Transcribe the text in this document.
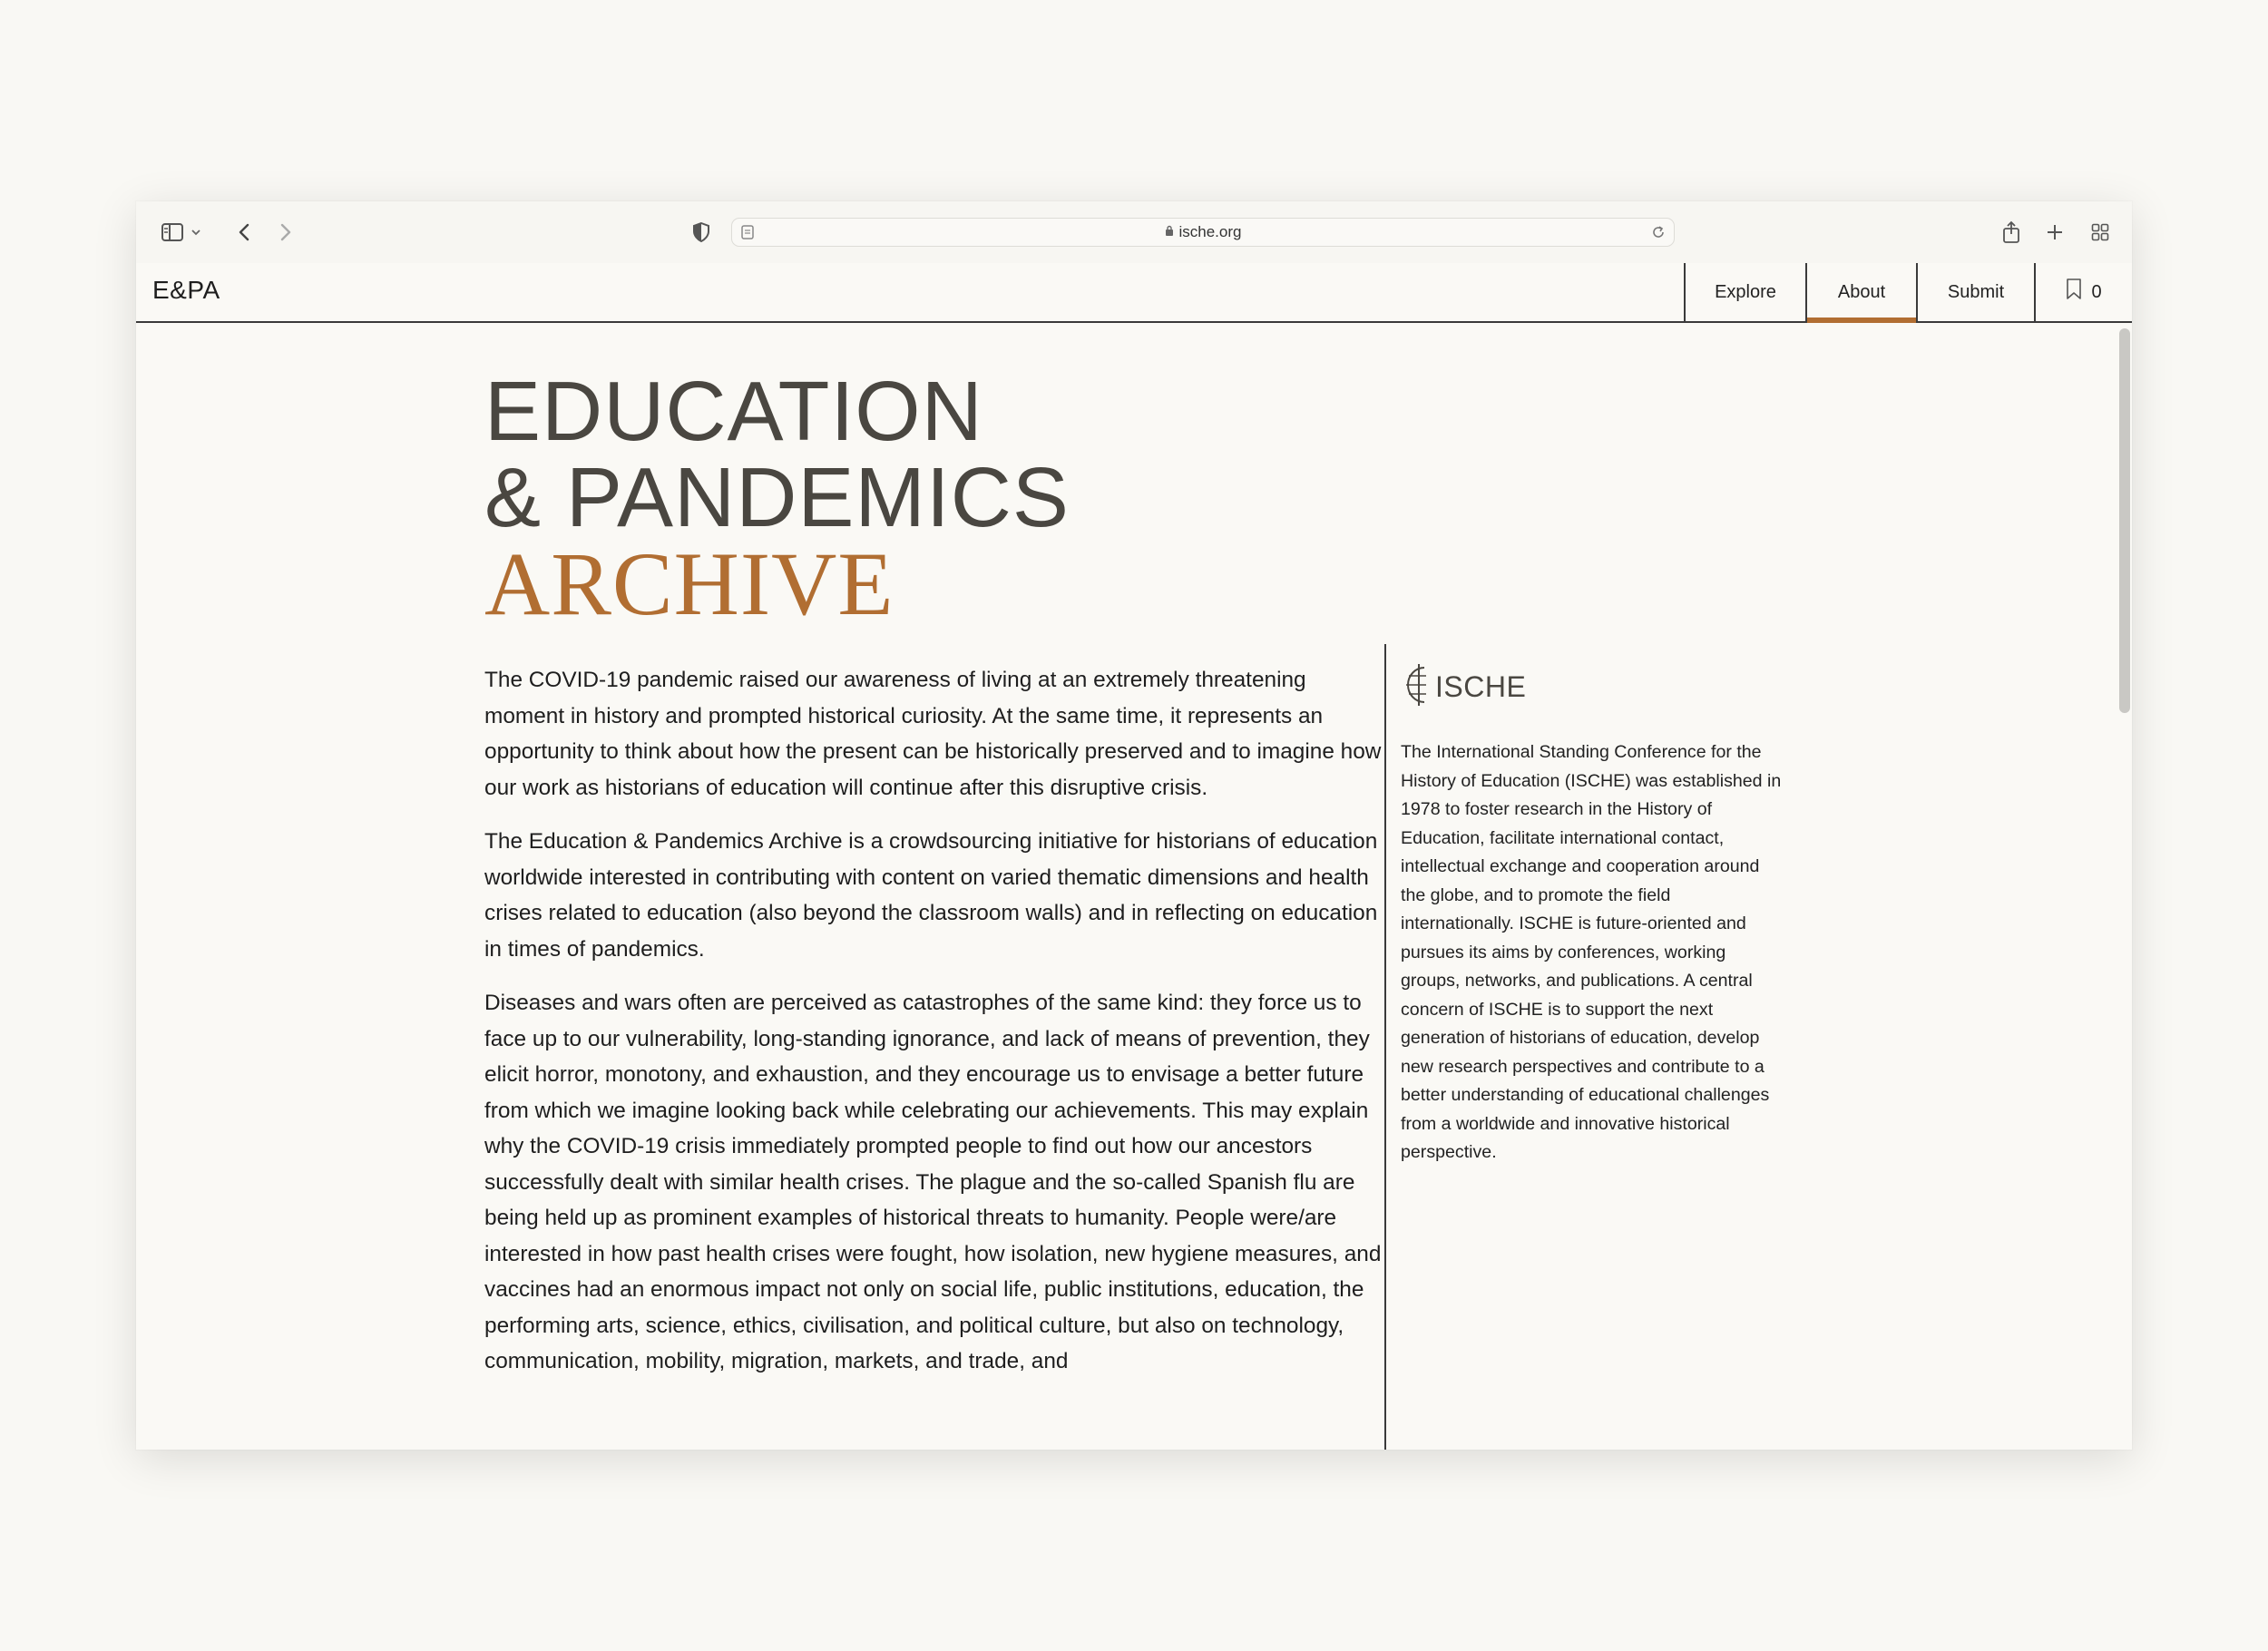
ische.org
E&PA	Explore	About	Submit	0
EDUCATION
& PANDEMICS
ARCHIVE

The COVID-19 pandemic raised our awareness of living at an extremely threatening moment in history and prompted historical curiosity. At the same time, it represents an opportunity to think about how the present can be historically preserved and to imagine how our work as historians of education will continue after this disruptive crisis.

The Education & Pandemics Archive is a crowdsourcing initiative for historians of education worldwide interested in contributing with content on varied thematic dimensions and health crises related to education (also beyond the classroom walls) and in reflecting on education in times of pandemics.

Diseases and wars often are perceived as catastrophes of the same kind: they force us to face up to our vulnerability, long-standing ignorance, and lack of means of prevention, they elicit horror, monotony, and exhaustion, and they encourage us to envisage a better future from which we imagine looking back while celebrating our achievements. This may explain why the COVID-19 crisis immediately prompted people to find out how our ancestors successfully dealt with similar health crises. The plague and the so-called Spanish flu are being held up as prominent examples of historical threats to humanity. People were/are interested in how past health crises were fought, how isolation, new hygiene measures, and vaccines had an enormous impact not only on social life, public institutions, education, the performing arts, science, ethics, civilisation, and political culture, but also on technology, communication, mobility, migration, markets, and trade, and

ISCHE
The International Standing Conference for the History of Education (ISCHE) was established in 1978 to foster research in the History of Education, facilitate international contact, intellectual exchange and cooperation around the globe, and to promote the field internationally. ISCHE is future-oriented and pursues its aims by conferences, working groups, networks, and publications. A central concern of ISCHE is to support the next generation of historians of education, develop new research perspectives and contribute to a better understanding of educational challenges from a worldwide and innovative historical perspective.
